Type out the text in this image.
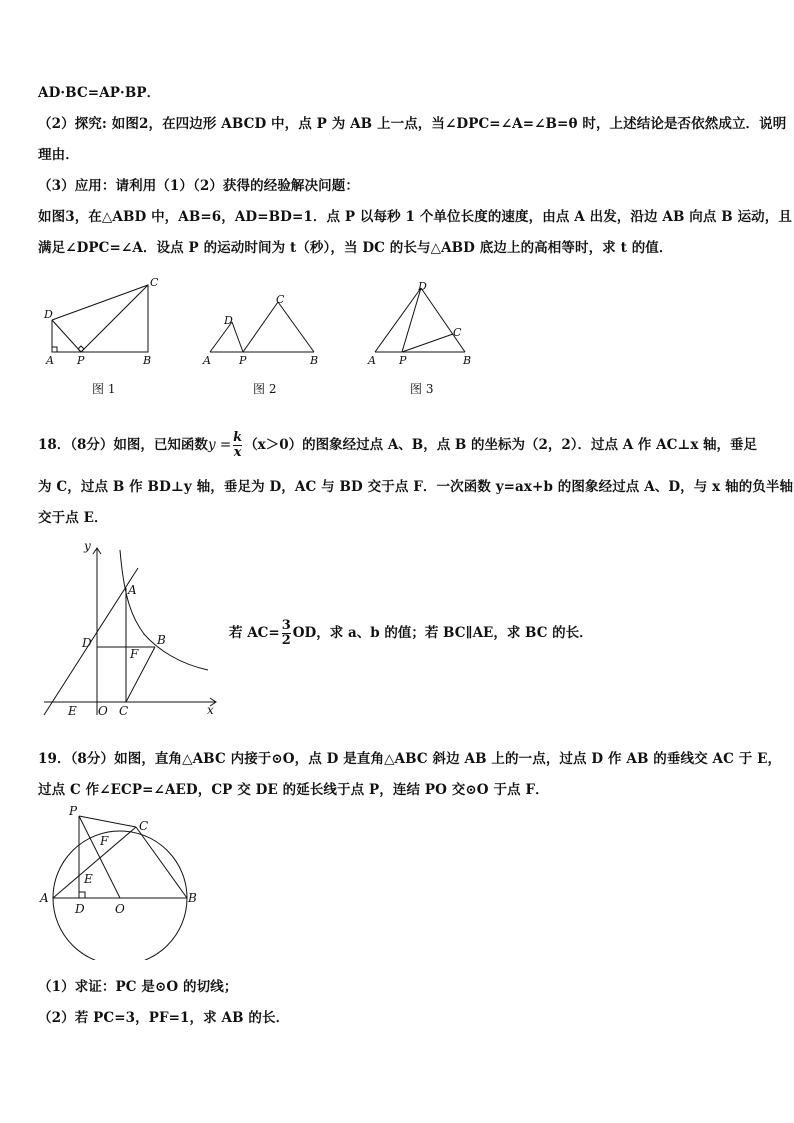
AD·BC=AP·BP．
（2）探究: 如图2，在四边形 ABCD 中，点 P 为 AB 上一点，当∠DPC=∠A=∠B=θ 时，上述结论是否依然成立．说明
理由．
（3）应用：请利用（1）（2）获得的经验解决问题：
如图3，在△ABD 中，AB=6，AD=BD=1．点 P 以每秒 1 个单位长度的速度，由点 A 出发，沿边 AB 向点 B 运动，且
满足∠DPC=∠A．设点 P 的运动时间为 t（秒），当 DC 的长与△ABD 底边上的高相等时，求 t 的值．
D
A P	B
C
D
A	P	B
C
D
A P	B
C
图 1	图 2	图 3
18．（8分）如图，已知函数$y = \frac{k}{x} (x>0)$的图象经过点 A、B，点 B 的坐标为（2，2）．过点 A 作 AC⊥x 轴，垂足
为 C，过点 B 作 BD⊥y 轴，垂足为 D，AC 与 BD 交于点 F．一次函数 y=ax+b 的图象经过点 A、D，与 x 轴的负半轴
交于点 E．
y
x
A
B
D
F
E O C
若 $AC= \frac{3}{2}$ OD，求 a、b 的值；若 BC∥AE，求 BC 的长．
19．（8分）如图，直角△ABC 内接于⊙O，点 D 是直角△ABC 斜边 AB 上的一点，过点 D 作 AB 的垂线交 AC 于 E，
过点 C 作∠ECP=∠AED，CP 交 DE 的延长线于点 P，连结 PO 交⊙O 于点 F．
P
C
F
E
A
D	O
B
（1）求证：PC 是⊙O 的切线；
（2）若 PC=3，PF=1，求 AB 的长．
